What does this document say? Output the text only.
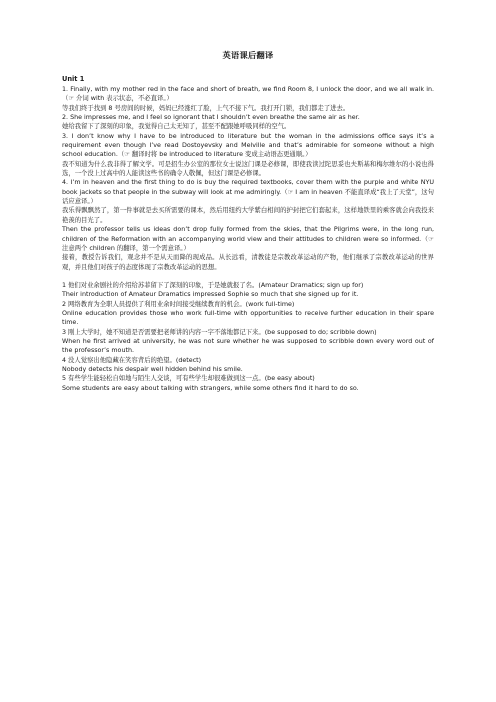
英语课后翻译
Unit 1

1. Finally, with my mother red in the face and short of breath, we find Room 8, I unlock the door, and we all walk in.（☞ 介词 with 表示状态，不必直译。）

等我们终于找到 8 号房间的时候，妈妈已经涨红了脸，上气不接下气。我打开门锁，我们都走了进去。

2. She impresses me, and I feel so ignorant that I shouldn’t even breathe the same air as her.

她给我留下了深刻的印象，我觉得自己太无知了，甚至不配跟她呼吸同样的空气。

3. I don’t know why I have to be introduced to literature but the woman in the admissions office says it’s a requirement even though I’ve read Dostoyevsky and Melville and that’s admirable for someone without a high school education.（☞ 翻译时将 be introduced to literature 变成主动语态更通顺。）

我不知道为什么我非得了解文学。可是招生办公室的那位女士说这门课是必修课，即使我读过陀思妥也夫斯基和梅尔维尔的小说也得选，一个没上过高中的人能读这些书的确令人敬佩，但这门课是必修课。

4. I’m in heaven and the first thing to do is buy the required textbooks, cover them with the purple and white NYU book jackets so that people in the subway will look at me admiringly.（☞ I am in heaven 不能直译成“我上了天堂”，这句话应意译。）

我乐得飘飘然了，第一件事就是去买所需要的课本，然后用纽约大学紫白相间的护封把它们套起来，这样地铁里的乘客就会向我投来艳羡的目光了。

Then the professor tells us ideas don’t drop fully formed from the skies, that the Pilgrims were, in the long run, children of the Reformation with an accompanying world view and their attitudes to children were so informed.（☞ 注意两个 children 的翻译，第一个需意译。）

接着，教授告诉我们，观念并不是从天而降的现成品。从长远看，清教徒是宗教改革运动的产物，他们继承了宗教改革运动的世界观，并且他们对孩子的态度体现了宗教改革运动的思想。

1 他们对业余剧社的介绍给苏菲留下了深刻的印象，于是她就报了名。(Amateur Dramatics; sign up for)

Their introduction of Amateur Dramatics impressed Sophie so much that she signed up for it.

2 网络教育为全职人员提供了利用业余时间接受继续教育的机会。(work full-time)

Online education provides those who work full-time with opportunities to receive further education in their spare time.

3 刚上大学时，她不知道是否需要把老师讲的内容一字不落地都记下来。(be supposed to do; scribble down)

When he first arrived at university, he was not sure whether he was supposed to scribble down every word out of the professor’s mouth.

4 没人觉察出他隐藏在笑容背后的绝望。(detect)

Nobody detects his despair well hidden behind his smile.

5 有些学生能轻松自如地与陌生人交谈，可有些学生却很难做到这一点。(be easy about)

Some students are easy about talking with strangers, while some others find it hard to do so.
